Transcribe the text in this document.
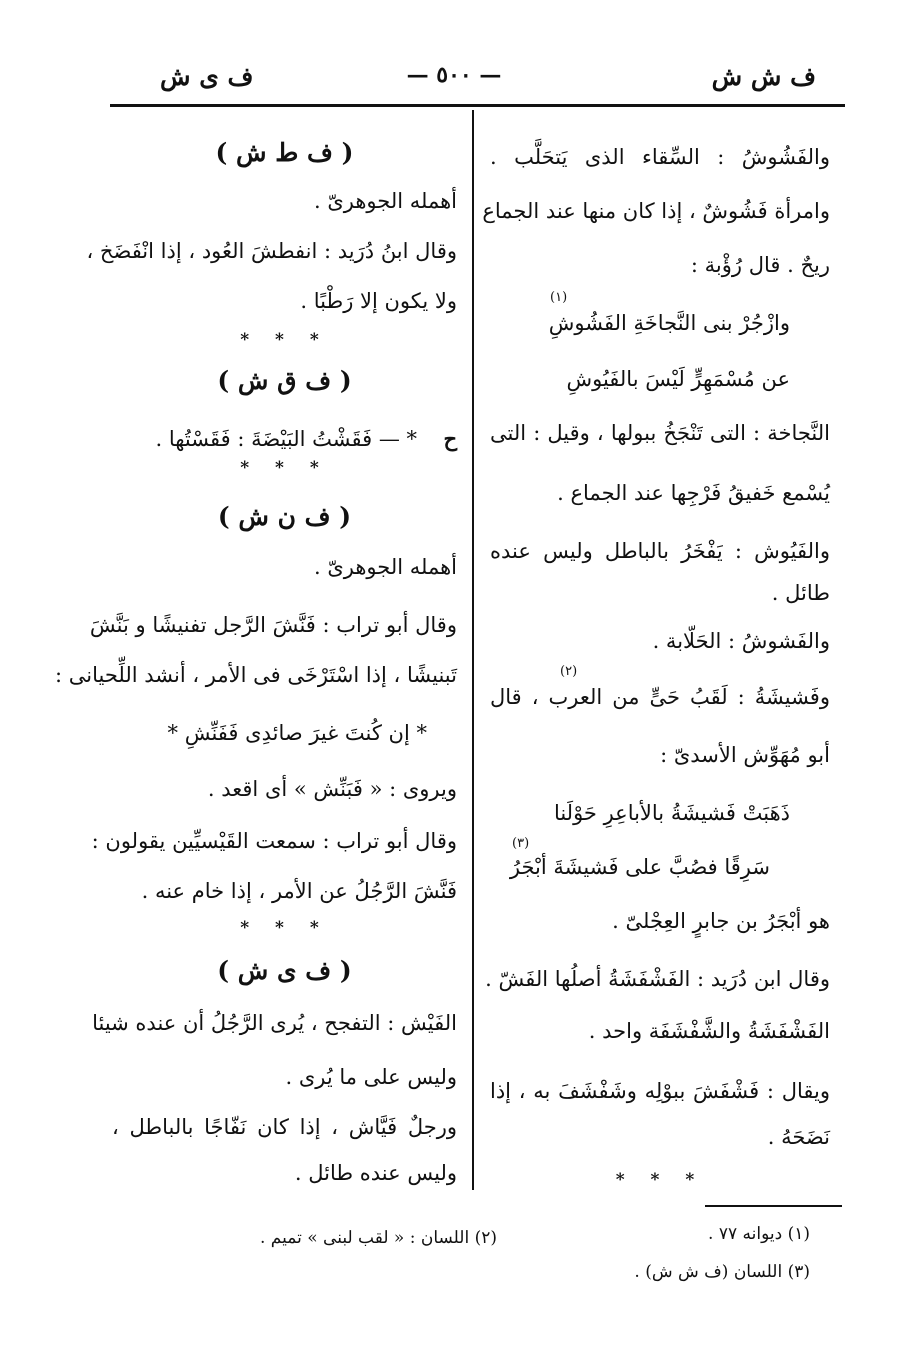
ف ش ش
— ٥٠٠ —
ف ى ش
والفَشُوشُ : السِّقاء الذى يَتحَلَّب .
وامرأة فَشُوشٌ ، إذا كان منها عند الجماع
ريحٌ . قال رُؤْبة :
(١)
وازْجُرْ بنى النَّجاخَةِ الفَشُوشِ
عن مُسْمَهِرٍّ لَيْسَ بالفَيُوشِ
النَّجاخة : التى تَنْجَخُ ببولها ، وقيل : التى
يُسْمع خَفيقُ فَرْجِها عند الجماع .
والفَيُوش : يَفْخَرُ بالباطل وليس عنده
طائل .
والفَشوشُ : الحَلّابة .
(٢)
وفَشيشَةُ : لَقَبُ حَىٍّ من العرب ، قال
أبو مُهَوِّش الأسدىّ :
ذَهَبَتْ فَشيشَةُ بالأباعِرِ حَوْلَنا
(٣)
سَرِقًا فصُبَّ على فَشيشَةَ أبْجَرُ
هو أبْجَرُ بن جابرٍ العِجْلىّ .
وقال ابن دُرَيد : الفَشْفَشَةُ أصلُها الفَشّ .
الفَشْفَشَةُ والشَّفْشَفَة واحد .
ويقال : فَشْفَشَ ببوْلِه وشَفْشَفَ به ، إذا
نَضَحَهُ .
* * *
(١) ديوانه ٧٧ .
(٣) اللسان (ف ش ش) .
( ف ط ش )
أهمله الجوهرىّ .
وقال ابنُ دُرَيد : انفطشَ العُود ، إذا انْفَضَخ ،
ولا يكون إلا رَطْبًا .
* * *
( ف ق ش )
ح
* — فَقَشْتُ البَيْضَةَ : فَقَسْتُها .
* * *
( ف ن ش )
أهمله الجوهرىّ .
وقال أبو تراب : فَنَّشَ الرَّجل تفنيشًا و بَنَّشَ
تَبنيشًا ، إذا اسْتَرْخَى فى الأمر ، أنشد اللِّحيانى :
* إن كُنتَ غيرَ صائدِى فَفَنِّشِ *
ويروى : « فَبَنِّش » أى اقعد .
وقال أبو تراب : سمعت القَيْسيِّين يقولون :
فَنَّشَ الرَّجُلُ عن الأمر ، إذا خام عنه .
* * *
( ف ى ش )
الفَيْش : التفجح ، يُرى الرَّجُلُ أن عنده شيئا
وليس على ما يُرى .
ورجلٌ فَيَّاش ، إذا كان نَفّاجًا بالباطل ،
وليس عنده طائل .
(٢) اللسان : « لقب لبنى » تميم .
